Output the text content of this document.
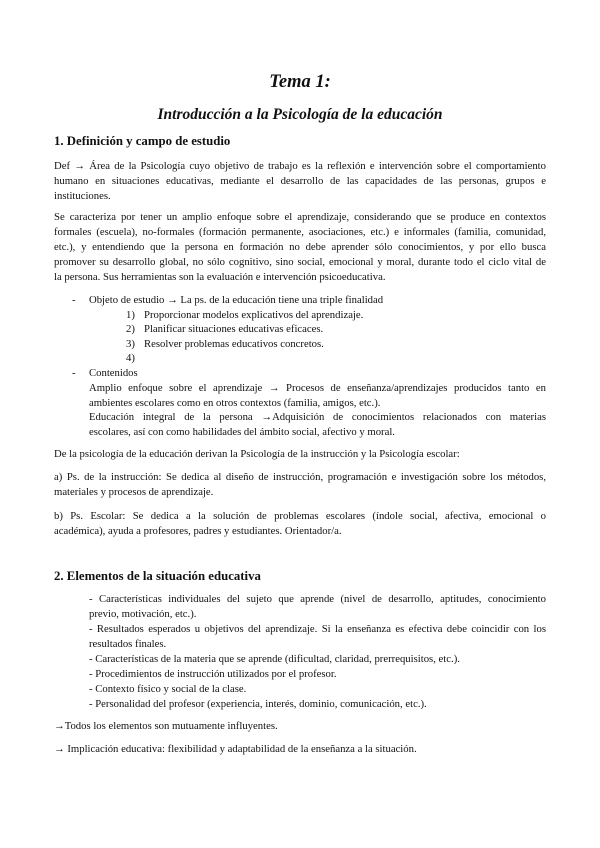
Tema 1:
Introducción a la Psicología de la educación
1. Definición y campo de estudio
Def → Área de la Psicología cuyo objetivo de trabajo es la reflexión e intervención sobre el comportamiento
humano en situaciones educativas, mediante el desarrollo de las capacidades de las personas, grupos e
instituciones.
Se caracteriza por tener un amplio enfoque sobre el aprendizaje, considerando que se produce en contextos
formales (escuela), no-formales (formación permanente, asociaciones, etc.) e informales (familia, comunidad,
etc.), y entendiendo que la persona en formación no debe aprender sólo conocimientos, y por ello busca
promover su desarrollo global, no sólo cognitivo, sino social, emocional y moral, durante todo el ciclo vital de
la persona. Sus herramientas son la evaluación e intervención psicoeducativa.
- Objeto de estudio → La ps. de la educación tiene una triple finalidad
1) Proporcionar modelos explicativos del aprendizaje.
2) Planificar situaciones educativas eficaces.
3) Resolver problemas educativos concretos.
4)
- Contenidos
Amplio enfoque sobre el aprendizaje → Procesos de enseñanza/aprendizajes producidos tanto en
ambientes escolares como en otros contextos (familia, amigos, etc.).
Educación integral de la persona →Adquisición de conocimientos relacionados con materias
escolares, así con como habilidades del ámbito social, afectivo y moral.
De la psicología de la educación derivan la Psicología de la instrucción y la Psicología escolar:
a) Ps. de la instrucción: Se dedica al diseño de instrucción, programación e investigación sobre los métodos,
materiales y procesos de aprendizaje.
b) Ps. Escolar: Se dedica a la solución de problemas escolares (índole social, afectiva, emocional o
académica), ayuda a profesores, padres y estudiantes. Orientador/a.
2. Elementos de la situación educativa
- Características individuales del sujeto que aprende (nivel de desarrollo, aptitudes, conocimiento
previo, motivación, etc.).
- Resultados esperados u objetivos del aprendizaje. Si la enseñanza es efectiva debe coincidir con los
resultados finales.
- Características de la materia que se aprende (dificultad, claridad, prerrequisitos, etc.).
- Procedimientos de instrucción utilizados por el profesor.
- Contexto físico y social de la clase.
- Personalidad del profesor (experiencia, interés, dominio, comunicación, etc.).
→Todos los elementos son mutuamente influyentes.
→ Implicación educativa: flexibilidad y adaptabilidad de la enseñanza a la situación.
